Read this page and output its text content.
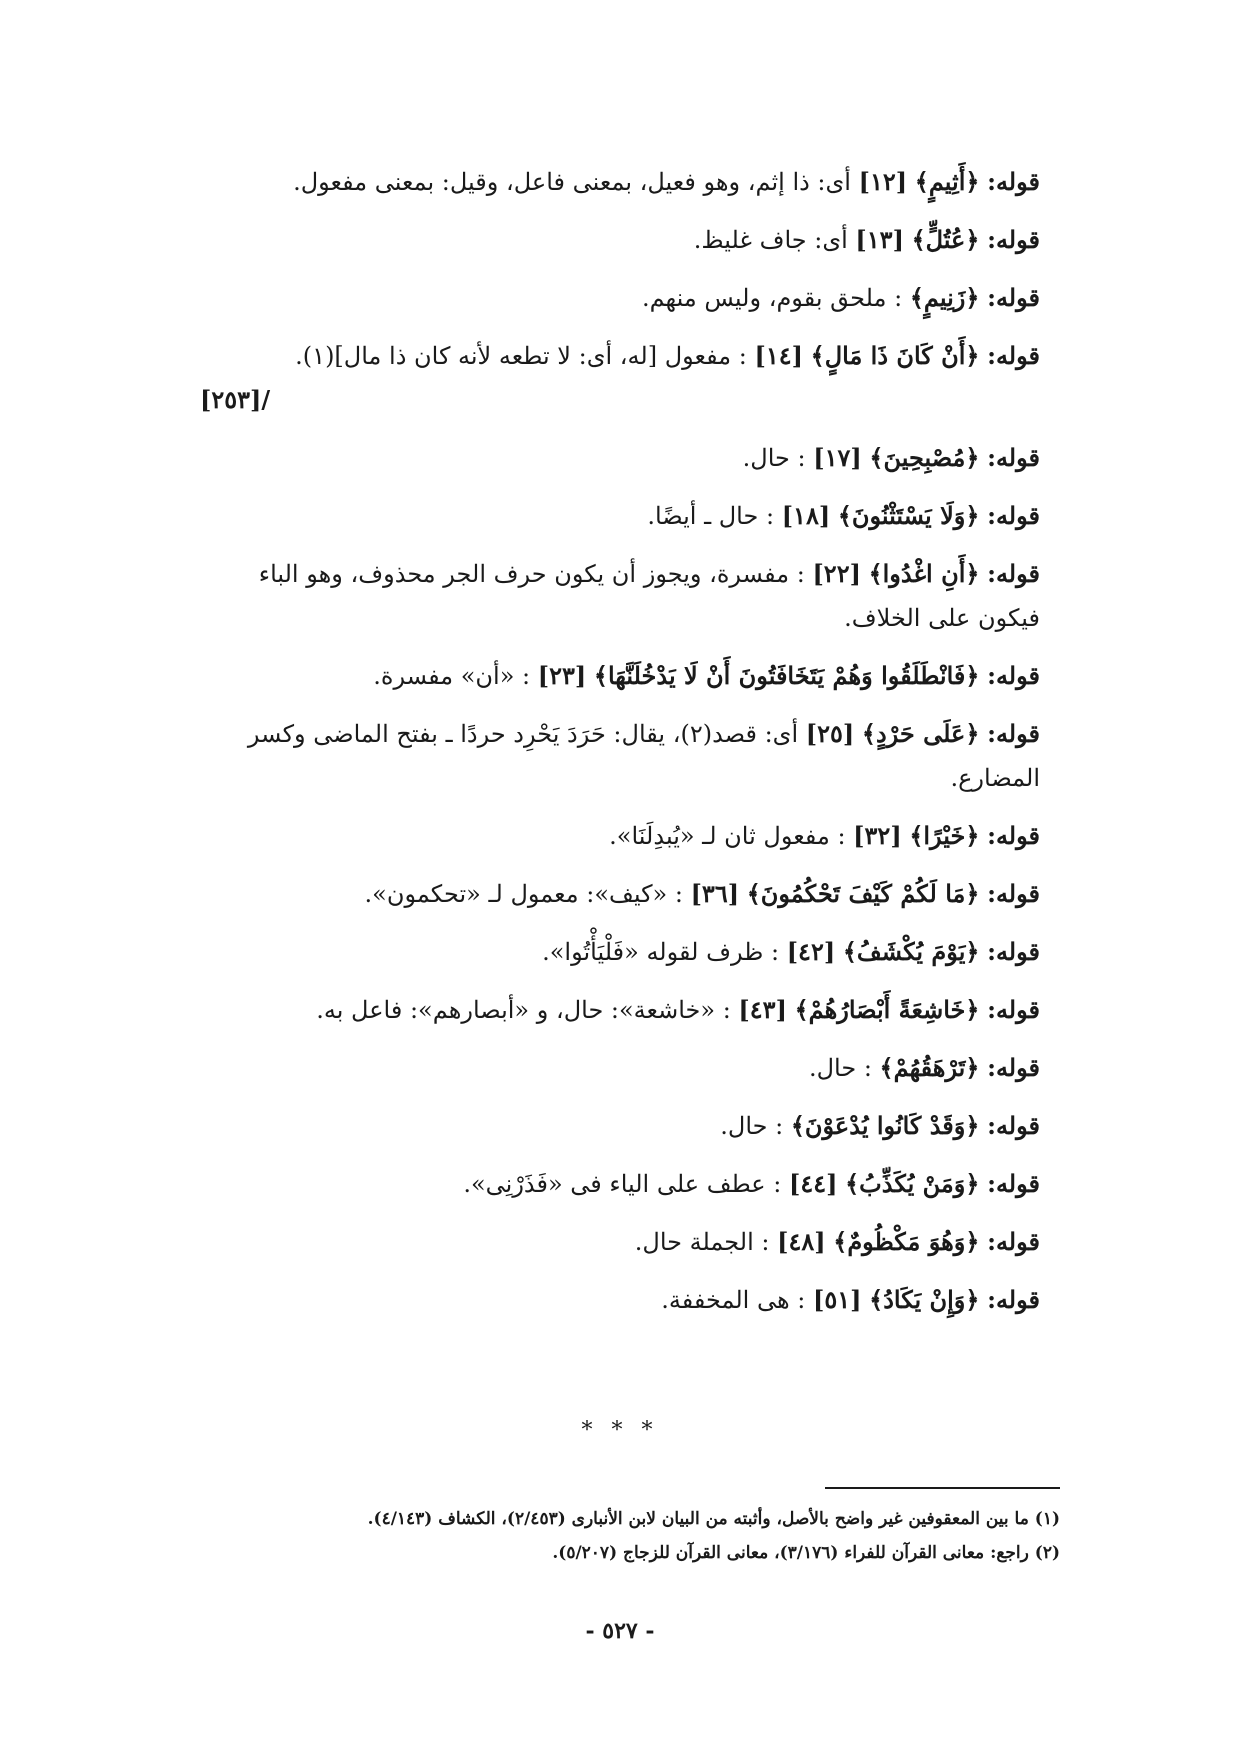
قوله: ﴿أَثِيمٍ﴾ [١٢] أى: ذا إثم، وهو فعيل، بمعنى فاعل، وقيل: بمعنى مفعول.

قوله: ﴿عُتُلٍّ﴾ [١٣] أى: جاف غليظ.

قوله: ﴿زَنِيمٍ﴾ : ملحق بقوم، وليس منهم.

قوله: ﴿أَنْ كَانَ ذَا مَالٍ﴾ [١٤] : مفعول [له، أى: لا تطعه لأنه كان ذا مال](١).

/[٢٥٣]

قوله: ﴿مُصْبِحِينَ﴾ [١٧] : حال.

قوله: ﴿وَلَا يَسْتَثْنُونَ﴾ [١٨] : حال ـ أيضًا.

قوله: ﴿أَنِ اغْدُوا﴾ [٢٢] : مفسرة، ويجوز أن يكون حرف الجر محذوف، وهو الباء فيكون على الخلاف.

قوله: ﴿فَانْطَلَقُوا وَهُمْ يَتَخَافَتُونَ أَنْ لَا يَدْخُلَنَّهَا﴾ [٢٣] : «أن» مفسرة.

قوله: ﴿عَلَى حَرْدٍ﴾ [٢٥] أى: قصد(٢)، يقال: حَرَدَ يَحْرِد حردًا ـ بفتح الماضى وكسر المضارع.

قوله: ﴿خَيْرًا﴾ [٣٢] : مفعول ثان لـ «يُبدِلَنَا».

قوله: ﴿مَا لَكُمْ كَيْفَ تَحْكُمُونَ﴾ [٣٦] : «كيف»: معمول لـ «تحكمون».

قوله: ﴿يَوْمَ يُكْشَفُ﴾ [٤٢] : ظرف لقوله «فَلْيَأْتُوا».

قوله: ﴿خَاشِعَةً أَبْصَارُهُمْ﴾ [٤٣] : «خاشعة»: حال، و «أبصارهم»: فاعل به.

قوله: ﴿تَرْهَقُهُمْ﴾ : حال.

قوله: ﴿وَقَدْ كَانُوا يُدْعَوْنَ﴾ : حال.

قوله: ﴿وَمَنْ يُكَذِّبُ﴾ [٤٤] : عطف على الياء فى «فَذَرْنِى».

قوله: ﴿وَهُوَ مَكْظُومٌ﴾ [٤٨] : الجملة حال.

قوله: ﴿وَإِنْ يَكَادُ﴾ [٥١] : هى المخففة.

* * *

(١) ما بين المعقوفين غير واضح بالأصل، وأثبته من البيان لابن الأنبارى (٢/٤٥٣)، الكشاف (٤/١٤٣).

(٢) راجع: معانى القرآن للفراء (٣/١٧٦)، معانى القرآن للزجاج (٥/٢٠٧).

- ٥٢٧ -
